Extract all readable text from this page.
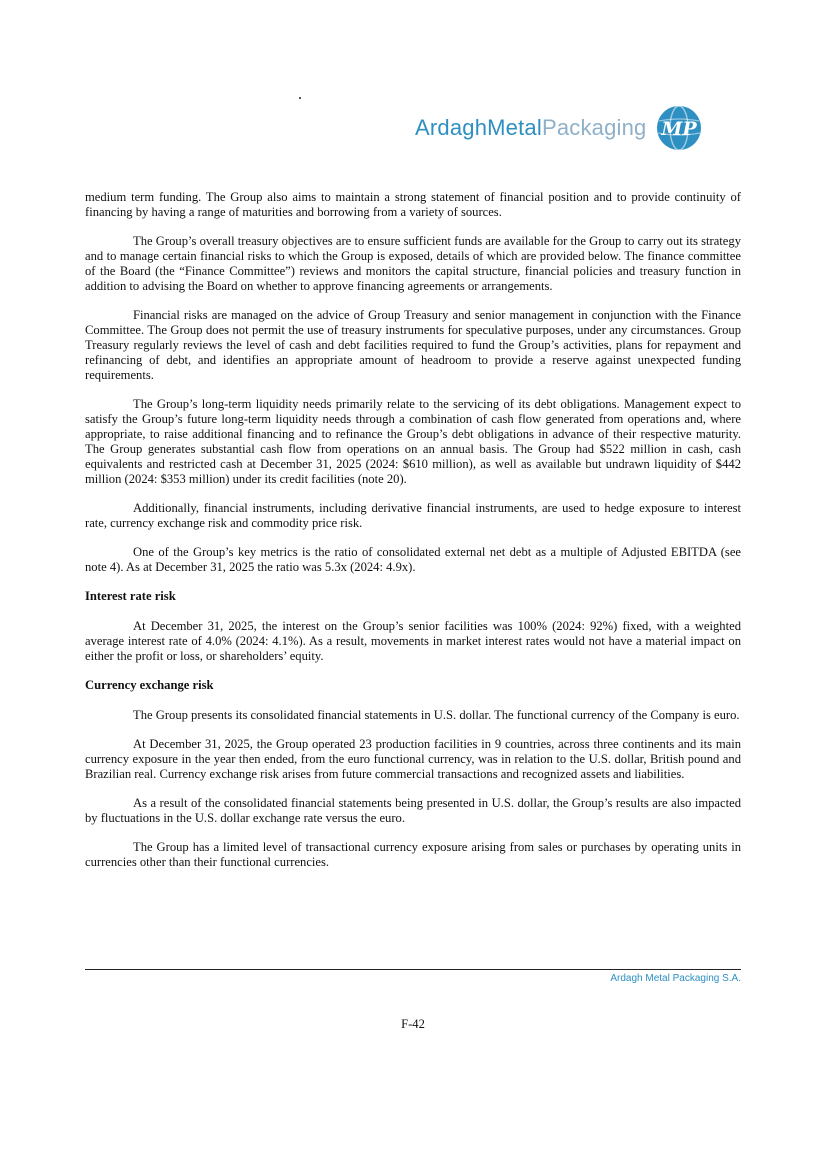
ArdaghMetalPackaging MP

medium term funding. The Group also aims to maintain a strong statement of financial position and to provide continuity of financing by having a range of maturities and borrowing from a variety of sources.

The Group’s overall treasury objectives are to ensure sufficient funds are available for the Group to carry out its strategy and to manage certain financial risks to which the Group is exposed, details of which are provided below. The finance committee of the Board (the “Finance Committee”) reviews and monitors the capital structure, financial policies and treasury function in addition to advising the Board on whether to approve financing agreements or arrangements.

Financial risks are managed on the advice of Group Treasury and senior management in conjunction with the Finance Committee. The Group does not permit the use of treasury instruments for speculative purposes, under any circumstances. Group Treasury regularly reviews the level of cash and debt facilities required to fund the Group’s activities, plans for repayment and refinancing of debt, and identifies an appropriate amount of headroom to provide a reserve against unexpected funding requirements.

The Group’s long-term liquidity needs primarily relate to the servicing of its debt obligations. Management expect to satisfy the Group’s future long-term liquidity needs through a combination of cash flow generated from operations and, where appropriate, to raise additional financing and to refinance the Group’s debt obligations in advance of their respective maturity. The Group generates substantial cash flow from operations on an annual basis. The Group had $522 million in cash, cash equivalents and restricted cash at December 31, 2025 (2024: $610 million), as well as available but undrawn liquidity of $442 million (2024: $353 million) under its credit facilities (note 20).

Additionally, financial instruments, including derivative financial instruments, are used to hedge exposure to interest rate, currency exchange risk and commodity price risk.

One of the Group’s key metrics is the ratio of consolidated external net debt as a multiple of Adjusted EBITDA (see note 4). As at December 31, 2025 the ratio was 5.3x (2024: 4.9x).

Interest rate risk

At December 31, 2025, the interest on the Group’s senior facilities was 100% (2024: 92%) fixed, with a weighted average interest rate of 4.0% (2024: 4.1%). As a result, movements in market interest rates would not have a material impact on either the profit or loss, or shareholders’ equity.

Currency exchange risk

The Group presents its consolidated financial statements in U.S. dollar. The functional currency of the Company is euro.

At December 31, 2025, the Group operated 23 production facilities in 9 countries, across three continents and its main currency exposure in the year then ended, from the euro functional currency, was in relation to the U.S. dollar, British pound and Brazilian real. Currency exchange risk arises from future commercial transactions and recognized assets and liabilities.

As a result of the consolidated financial statements being presented in U.S. dollar, the Group’s results are also impacted by fluctuations in the U.S. dollar exchange rate versus the euro.

The Group has a limited level of transactional currency exposure arising from sales or purchases by operating units in currencies other than their functional currencies.

Ardagh Metal Packaging S.A.
F-42
